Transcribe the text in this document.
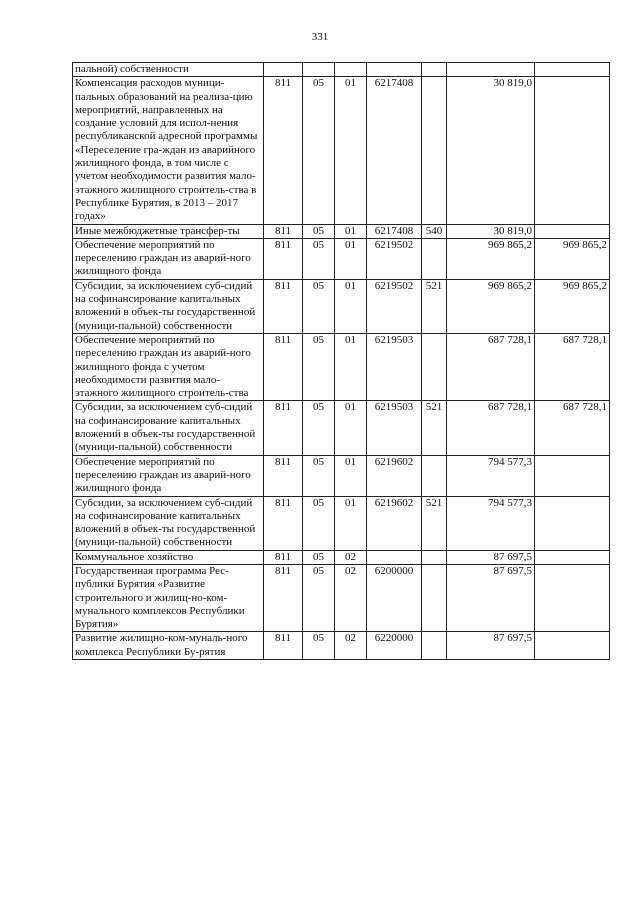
331
пальной) собственности							
Компенсация расходов муници-пальных образований на реализа-цию мероприятий, направленных на создание условий для испол-нения республиканской адресной программы «Переселение гра-ждан из аварийного жилищного фонда, в том числе с учетом необходимости развития мало-этажного жилищного строитель-ства в Республике Бурятия, в 2013 – 2017 годах»	811	05	01	6217408		30 819,0	
Иные межбюджетные трансфер-ты	811	05	01	6217408	540	30 819,0	
Обеспечение мероприятий по переселению граждан из аварий-ного жилищного фонда	811	05	01	6219502		969 865,2	969 865,2
Субсидии, за исключением суб-сидий на софинансирование капитальных вложений в объек-ты государственной (муници-пальной) собственности	811	05	01	6219502	521	969 865,2	969 865,2
Обеспечение мероприятий по переселению граждан из аварий-ного жилищного фонда с учетом необходимости развития мало-этажного жилищного строитель-ства	811	05	01	6219503		687 728,1	687 728,1
Субсидии, за исключением суб-сидий на софинансирование капитальных вложений в объек-ты государственной (муници-пальной) собственности	811	05	01	6219503	521	687 728,1	687 728,1
Обеспечение мероприятий по переселению граждан из аварий-ного жилищного фонда	811	05	01	6219602		794 577,3	
Субсидии, за исключением суб-сидий на софинансирование капитальных вложений в объек-ты государственной (муници-пальной) собственности	811	05	01	6219602	521	794 577,3	
Коммунальное хозяйство	811	05	02			87 697,5	
Государственная программа Рес-публики Бурятия «Развитие строительного и жилищ-но-ком-мунального комплексов Республики Бурятия»	811	05	02	6200000		87 697,5	
Развитие жилищно-ком-муналь-ного комплекса Республики Бу-рятия	811	05	02	6220000		87 697,5	
